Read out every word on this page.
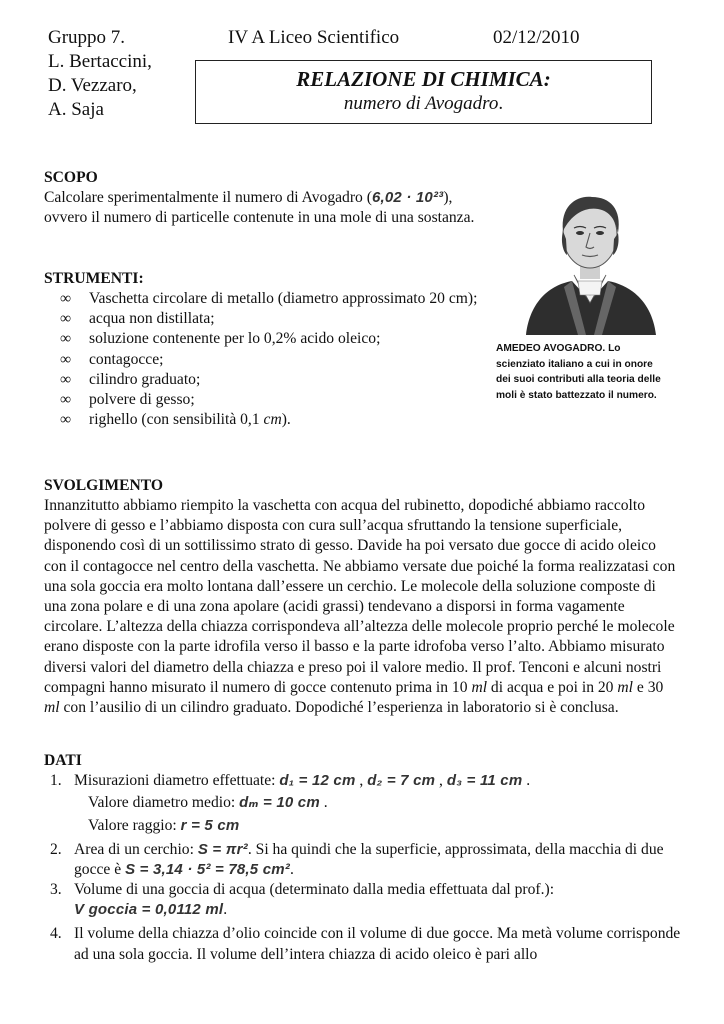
Gruppo 7.	IV A Liceo Scientifico	02/12/2010
L. Bertaccini,
D. Vezzaro,
A. Saja
RELAZIONE DI CHIMICA:
numero di Avogadro.
AMEDEO AVOGADRO. Lo scienziato italiano a cui in onore dei suoi contributi alla teoria delle moli è stato battezzato il numero.
SCOPO
Calcolare sperimentalmente il numero di Avogadro (6,02 · 10²³),
ovvero il numero di particelle contenute in una mole di una sostanza.
STRUMENTI:
∞ Vaschetta circolare di metallo (diametro approssimato 20 cm);
∞ acqua non distillata;
∞ soluzione contenente per lo 0,2% acido oleico;
∞ contagocce;
∞ cilindro graduato;
∞ polvere di gesso;
∞ righello (con sensibilità 0,1 cm).
SVOLGIMENTO
Innanzitutto abbiamo riempito la vaschetta con acqua del rubinetto, dopodiché abbiamo raccolto polvere di gesso e l’abbiamo disposta con cura sull’acqua sfruttando la tensione superficiale, disponendo così di un sottilissimo strato di gesso. Davide ha poi versato due gocce di acido oleico con il contagocce nel centro della vaschetta. Ne abbiamo versate due poiché la forma realizzatasi con una sola goccia era molto lontana dall’essere un cerchio. Le molecole della soluzione composte di una zona polare e di una zona apolare (acidi grassi) tendevano a disporsi in forma vagamente circolare. L’altezza della chiazza corrispondeva all’altezza delle molecole proprio perché le molecole erano disposte con la parte idrofila verso il basso e la parte idrofoba verso l’alto. Abbiamo misurato diversi valori del diametro della chiazza e preso poi il valore medio. Il prof. Tenconi e alcuni nostri compagni hanno misurato il numero di gocce contenuto prima in 10 ml di acqua e poi in 20 ml e 30 ml con l’ausilio di un cilindro graduato. Dopodiché l’esperienza in laboratorio si è conclusa.
DATI
1. Misurazioni diametro effettuate: d₁ = 12 cm , d₂ = 7 cm , d₃ = 11 cm .
Valore diametro medio: dₘ = 10 cm .
Valore raggio: r = 5 cm
2. Area di un cerchio: S = πr². Si ha quindi che la superficie, approssimata, della macchia di due gocce è S = 3,14 · 5² = 78,5 cm².
3. Volume di una goccia di acqua (determinato dalla media effettuata dal prof.):
V goccia = 0,0112 ml.
4. Il volume della chiazza d’olio coincide con il volume di due gocce. Ma metà volume corrisponde ad una sola goccia. Il volume dell’intera chiazza di acido oleico è pari allo
